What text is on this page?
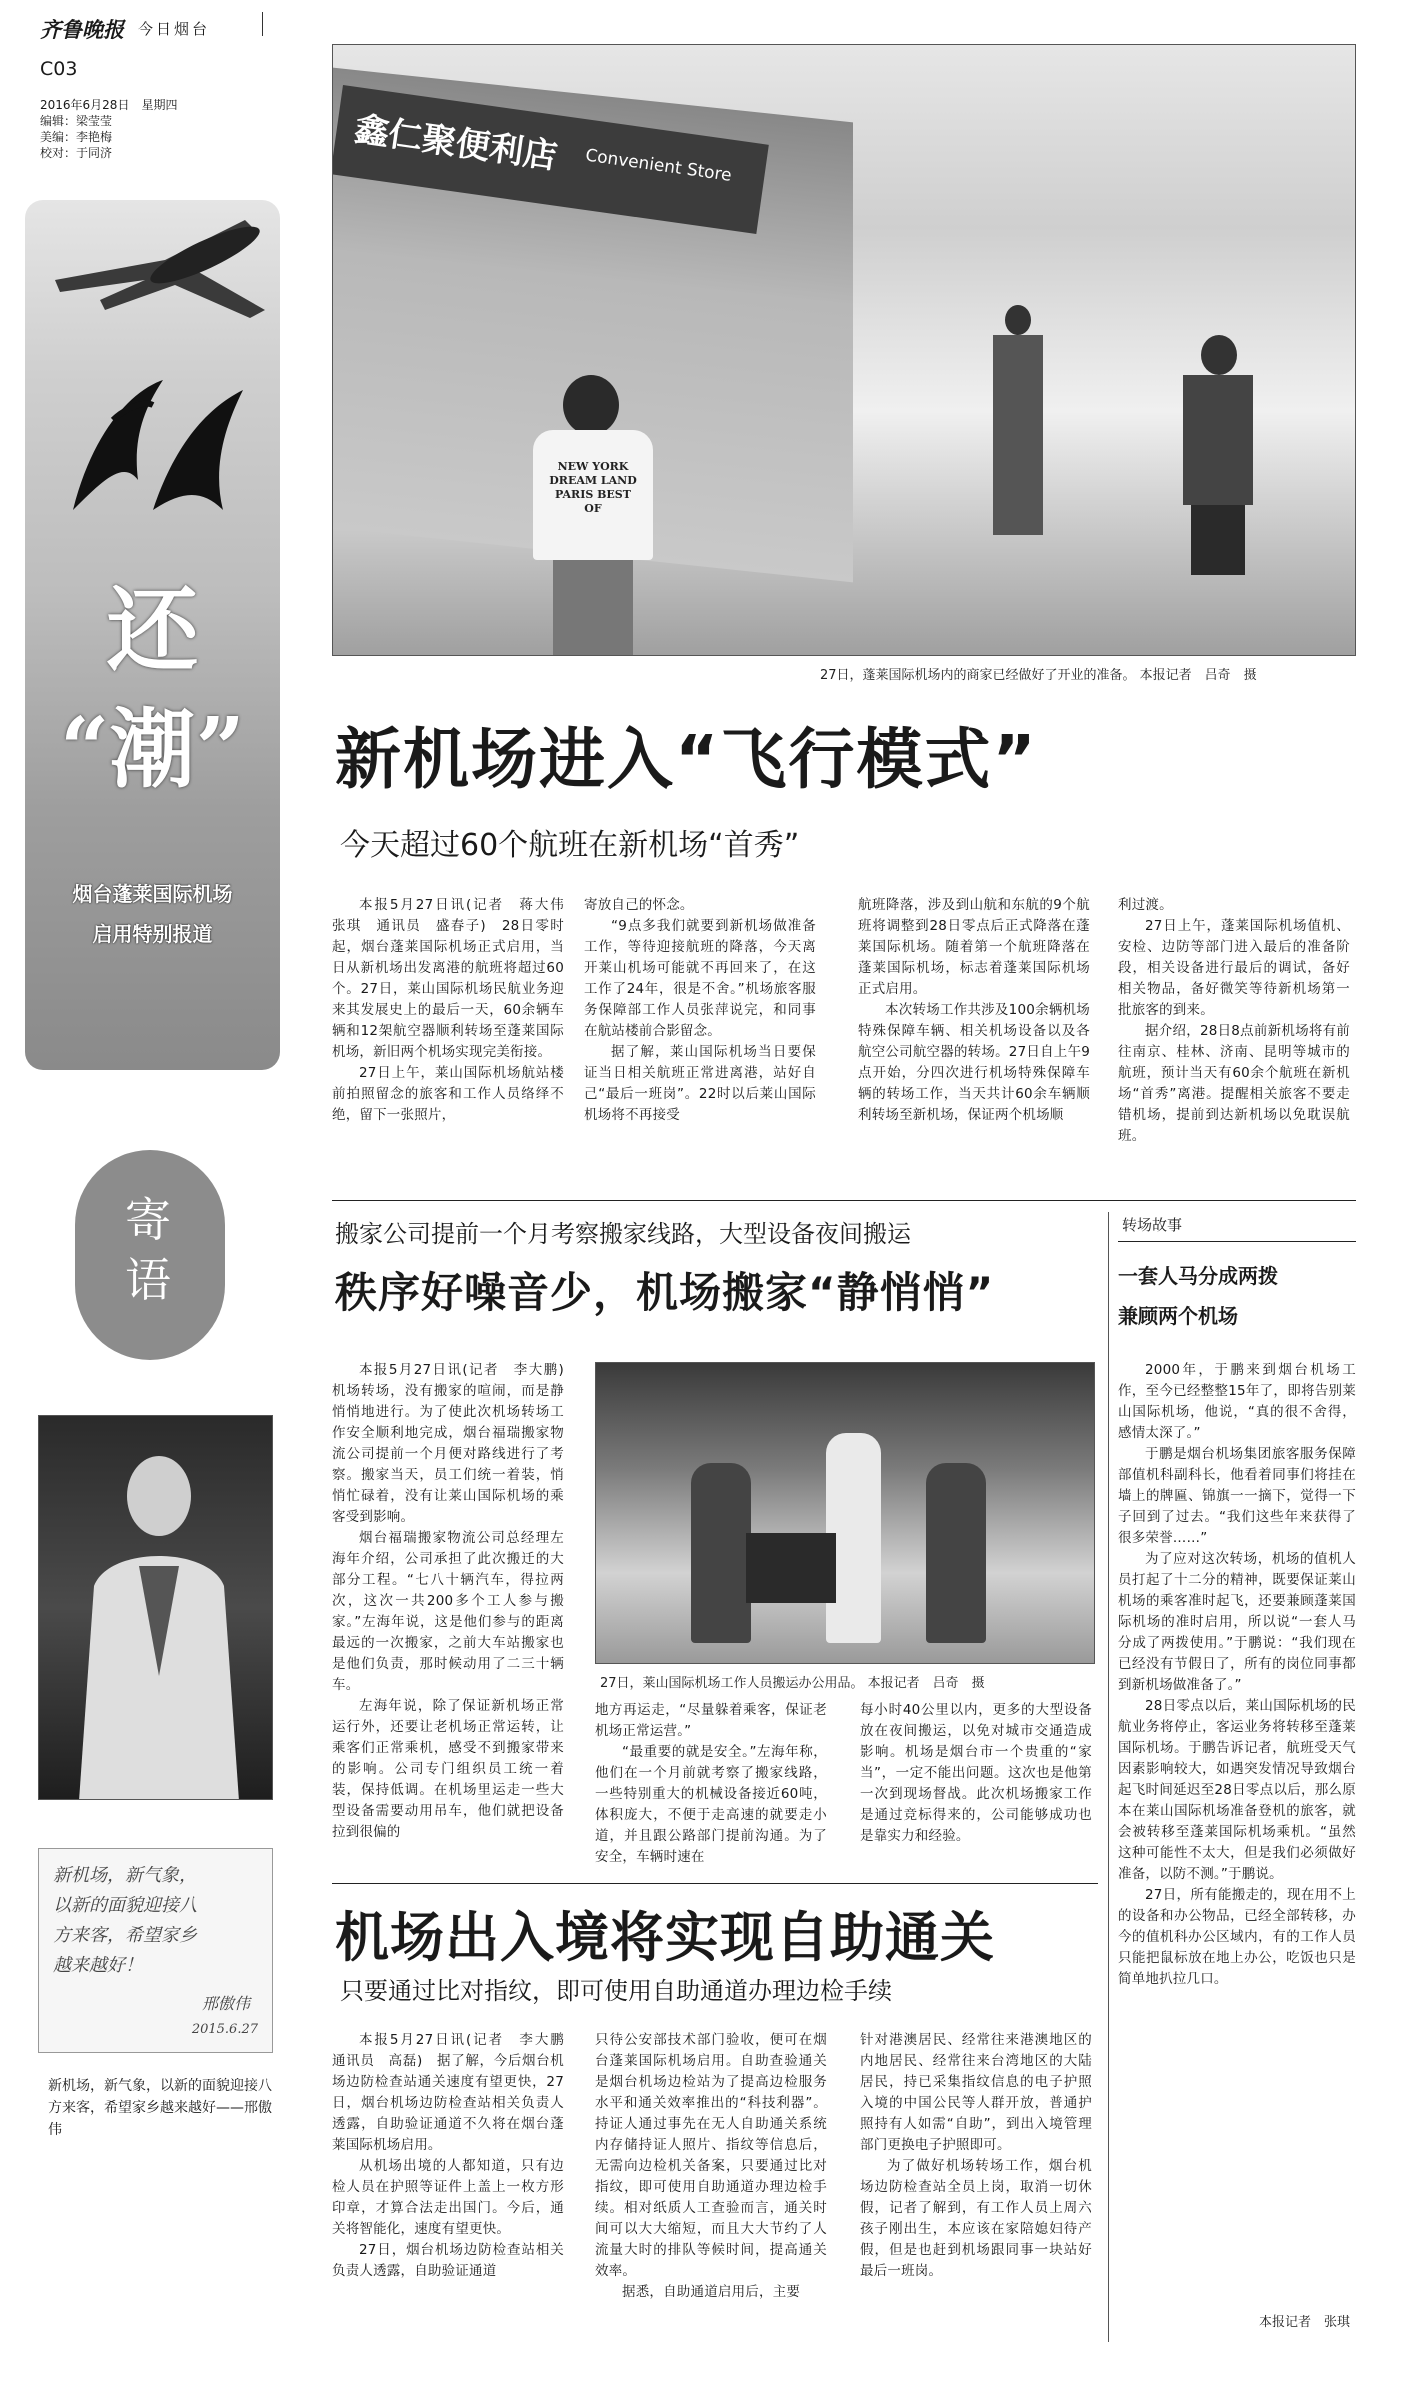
齐鲁晚报 今日烟台
C03
2016年6月28日　星期四
编辑：梁莹莹
美编：李艳梅
校对：于同济
还
“潮”
烟台蓬莱国际机场
启用特别报道
寄语
新机场，新气象，
以新的面貌迎接八
方来客，希望家乡
越来越好！
邢傲伟
2015.6.27
新机场，新气象，以新的面貌迎接八方来客，希望家乡越来越好——邢傲伟
鑫仁聚便利店 Convenient Store
NEW YORK DREAM LAND PARIS BEST OF
27日，蓬莱国际机场内的商家已经做好了开业的准备。 本报记者　吕奇　摄
新机场进入“飞行模式”
今天超过60个航班在新机场“首秀”

本报5月27日讯(记者　蒋大伟　张琪　通讯员　盛春子)　28日零时起，烟台蓬莱国际机场正式启用，当日从新机场出发离港的航班将超过60个。27日，莱山国际机场民航业务迎来其发展史上的最后一天，60余辆车辆和12架航空器顺利转场至蓬莱国际机场，新旧两个机场实现完美衔接。

27日上午，莱山国际机场航站楼前拍照留念的旅客和工作人员络绎不绝，留下一张照片，

寄放自己的怀念。

“9点多我们就要到新机场做准备工作，等待迎接航班的降落，今天离开莱山机场可能就不再回来了，在这工作了24年，很是不舍。”机场旅客服务保障部工作人员张萍说完，和同事在航站楼前合影留念。

据了解，莱山国际机场当日要保证当日相关航班正常进离港，站好自己“最后一班岗”。22时以后莱山国际机场将不再接受

航班降落，涉及到山航和东航的9个航班将调整到28日零点后正式降落在蓬莱国际机场。随着第一个航班降落在蓬莱国际机场，标志着蓬莱国际机场正式启用。

本次转场工作共涉及100余辆机场特殊保障车辆、相关机场设备以及各航空公司航空器的转场。27日自上午9点开始，分四次进行机场特殊保障车辆的转场工作，当天共计60余车辆顺利转场至新机场，保证两个机场顺

利过渡。

27日上午，蓬莱国际机场值机、安检、边防等部门进入最后的准备阶段，相关设备进行最后的调试，备好相关物品，备好微笑等待新机场第一批旅客的到来。

据介绍，28日8点前新机场将有前往南京、桂林、济南、昆明等城市的航班，预计当天有60余个航班在新机场“首秀”离港。提醒相关旅客不要走错机场，提前到达新机场以免耽误航班。

搬家公司提前一个月考察搬家线路，大型设备夜间搬运
秩序好噪音少，机场搬家“静悄悄”

本报5月27日讯(记者　李大鹏)　机场转场，没有搬家的喧闹，而是静悄悄地进行。为了使此次机场转场工作安全顺利地完成，烟台福瑞搬家物流公司提前一个月便对路线进行了考察。搬家当天，员工们统一着装，悄悄忙碌着，没有让莱山国际机场的乘客受到影响。

烟台福瑞搬家物流公司总经理左海年介绍，公司承担了此次搬迁的大部分工程。“七八十辆汽车，得拉两次，这次一共200多个工人参与搬家。”左海年说，这是他们参与的距离最远的一次搬家，之前大车站搬家也是他们负责，那时候动用了二三十辆车。

左海年说，除了保证新机场正常运行外，还要让老机场正常运转，让乘客们正常乘机，感受不到搬家带来的影响。公司专门组织员工统一着装，保持低调。在机场里运走一些大型设备需要动用吊车，他们就把设备拉到很偏的

27日，莱山国际机场工作人员搬运办公用品。 本报记者　吕奇　摄

地方再运走，“尽量躲着乘客，保证老机场正常运营。”

“最重要的就是安全。”左海年称，他们在一个月前就考察了搬家线路，一些特别重大的机械设备接近60吨，体积庞大，不便于走高速的就要走小道，并且跟公路部门提前沟通。为了安全，车辆时速在

每小时40公里以内，更多的大型设备放在夜间搬运，以免对城市交通造成影响。机场是烟台市一个贵重的“家当”，一定不能出问题。这次也是他第一次到现场督战。此次机场搬家工作是通过竞标得来的，公司能够成功也是靠实力和经验。

转场故事
一套人马分成两拨
兼顾两个机场

2000年，于鹏来到烟台机场工作，至今已经整整15年了，即将告别莱山国际机场，他说，“真的很不舍得，感情太深了。”

于鹏是烟台机场集团旅客服务保障部值机科副科长，他看着同事们将挂在墙上的牌匾、锦旗一一摘下，觉得一下子回到了过去。“我们这些年来获得了很多荣誉……”

为了应对这次转场，机场的值机人员打起了十二分的精神，既要保证莱山机场的乘客准时起飞，还要兼顾蓬莱国际机场的准时启用，所以说“一套人马分成了两拨使用。”于鹏说：“我们现在已经没有节假日了，所有的岗位同事都到新机场做准备了。”

28日零点以后，莱山国际机场的民航业务将停止，客运业务将转移至蓬莱国际机场。于鹏告诉记者，航班受天气因素影响较大，如遇突发情况导致烟台起飞时间延迟至28日零点以后，那么原本在莱山国际机场准备登机的旅客，就会被转移至蓬莱国际机场乘机。“虽然这种可能性不太大，但是我们必须做好准备，以防不测。”于鹏说。

27日，所有能搬走的，现在用不上的设备和办公物品，已经全部转移，办今的值机科办公区域内，有的工作人员只能把鼠标放在地上办公，吃饭也只是简单地扒拉几口。

本报记者　张琪
机场出入境将实现自助通关
只要通过比对指纹，即可使用自助通道办理边检手续

本报5月27日讯(记者　李大鹏　通讯员　高磊)　据了解，今后烟台机场边防检查站通关速度有望更快，27日，烟台机场边防检查站相关负责人透露，自助验证通道不久将在烟台蓬莱国际机场启用。

从机场出境的人都知道，只有边检人员在护照等证件上盖上一枚方形印章，才算合法走出国门。今后，通关将智能化，速度有望更快。

27日，烟台机场边防检查站相关负责人透露，自助验证通道

只待公安部技术部门验收，便可在烟台蓬莱国际机场启用。自助查验通关是烟台机场边检站为了提高边检服务水平和通关效率推出的“科技利器”。持证人通过事先在无人自助通关系统内存储持证人照片、指纹等信息后，无需向边检机关备案，只要通过比对指纹，即可使用自助通道办理边检手续。相对纸质人工查验而言，通关时间可以大大缩短，而且大大节约了人流量大时的排队等候时间，提高通关效率。

据悉，自助通道启用后，主要

针对港澳居民、经常往来港澳地区的内地居民、经常往来台湾地区的大陆居民，持已采集指纹信息的电子护照入境的中国公民等人群开放，普通护照持有人如需“自助”，到出入境管理部门更换电子护照即可。

为了做好机场转场工作，烟台机场边防检查站全员上岗，取消一切休假，记者了解到，有工作人员上周六孩子刚出生，本应该在家陪媳妇待产假，但是也赶到机场跟同事一块站好最后一班岗。
